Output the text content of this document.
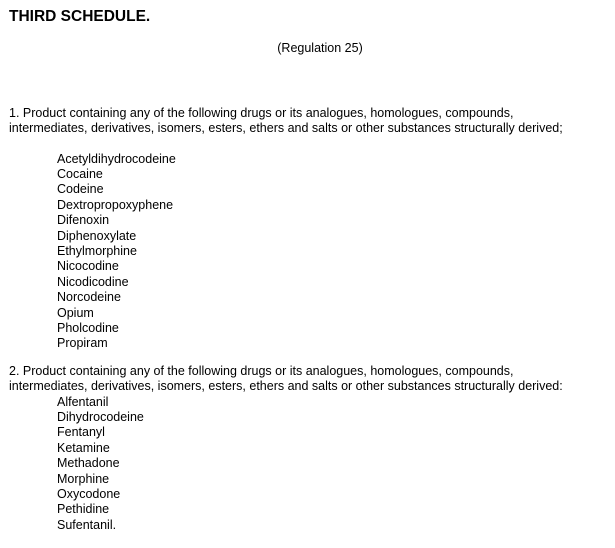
THIRD SCHEDULE.
(Regulation 25)
1. Product containing any of the following drugs or its analogues, homologues, compounds,
intermediates, derivatives, isomers, esters, ethers and salts or other substances structurally derived;
Acetyldihydrocodeine
Cocaine
Codeine
Dextropropoxyphene
Difenoxin
Diphenoxylate
Ethylmorphine
Nicocodine
Nicodicodine
Norcodeine
Opium
Pholcodine
Propiram
2. Product containing any of the following drugs or its analogues, homologues, compounds,
intermediates, derivatives, isomers, esters, ethers and salts or other substances structurally derived:
Alfentanil
Dihydrocodeine
Fentanyl
Ketamine
Methadone
Morphine
Oxycodone
Pethidine
Sufentanil.
